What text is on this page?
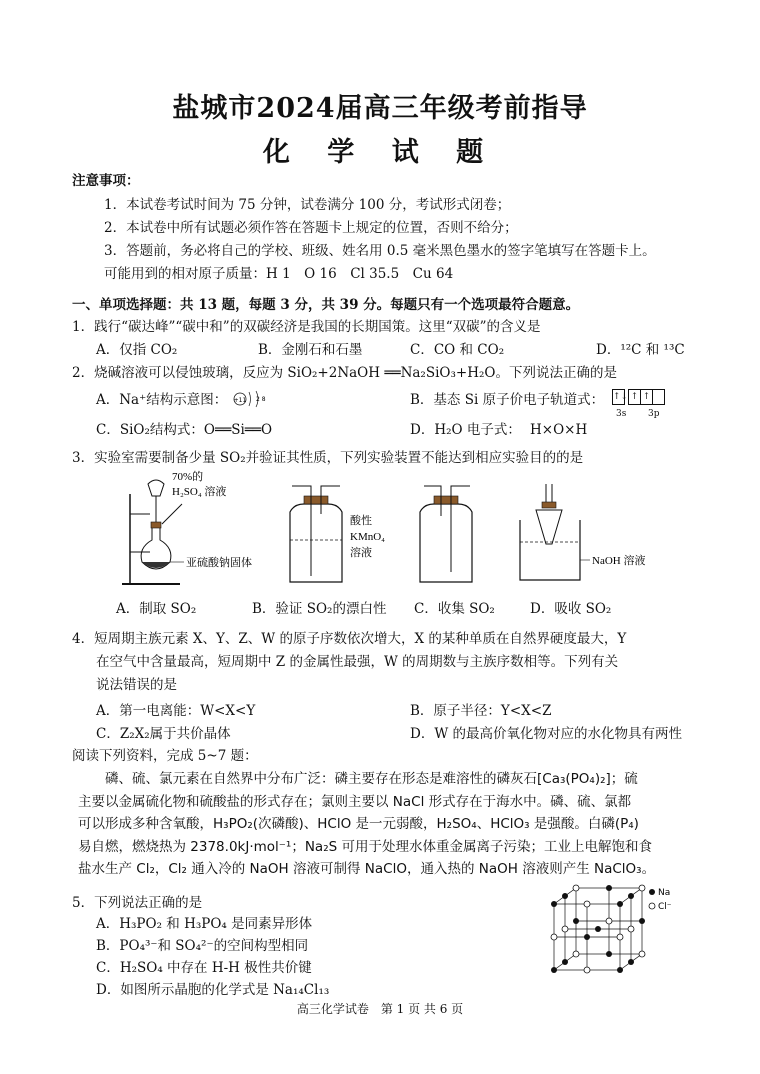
盐城市2024届高三年级考前指导
化 学 试 题
注意事项：
1．本试卷考试时间为 75 分钟，试卷满分 100 分，考试形式闭卷；
2．本试卷中所有试题必须作答在答题卡上规定的位置，否则不给分；
3．答题前，务必将自己的学校、班级、姓名用 0.5 毫米黑色墨水的签字笔填写在答题卡上。
可能用到的相对原子质量：H 1　O 16　Cl 35.5　Cu 64
一、单项选择题：共 13 题，每题 3 分，共 39 分。每题只有一个选项最符合题意。
1．践行“碳达峰”“碳中和”的双碳经济是我国的长期国策。这里“双碳”的含义是
A．仅指 CO₂	B．金刚石和石墨	C．CO 和 CO₂	D．¹²C 和 ¹³C
2．烧碱溶液可以侵蚀玻璃，反应为 SiO₂+2NaOH ══Na₂SiO₃+H₂O。下列说法正确的是
A．Na⁺结构示意图： +11 2 8	B．基态 Si 原子价电子轨道式： ↑↓ ↑ ↑
3s 3p
C．SiO₂结构式：O══Si══O	D．H₂O 电子式： H×O×H
3．实验室需要制备少量 SO₂并验证其性质，下列实验装置不能达到相应实验目的的是
70%的
H₂SO₄ 溶液
亚硫酸钠固体
酸性
KMnO₄
溶液
NaOH 溶液
A．制取 SO₂	B．验证 SO₂的漂白性 C．收集 SO₂	D．吸收 SO₂
4．短周期主族元素 X、Y、Z、W 的原子序数依次增大，X 的某种单质在自然界硬度最大，Y
在空气中含量最高，短周期中 Z 的金属性最强，W 的周期数与主族序数相等。下列有关
说法错误的是
A．第一电离能：W<X<Y	B．原子半径：Y<X<Z
C．Z₂X₂属于共价晶体	D．W 的最高价氧化物对应的水化物具有两性
阅读下列资料，完成 5~7 题：
磷、硫、氯元素在自然界中分布广泛：磷主要存在形态是难溶性的磷灰石[Ca₃(PO₄)₂]；硫
主要以金属硫化物和硫酸盐的形式存在；氯则主要以 NaCl 形式存在于海水中。磷、硫、氯都
可以形成多种含氧酸，H₃PO₂(次磷酸)、HClO 是一元弱酸，H₂SO₄、HClO₃ 是强酸。白磷(P₄)
易自燃，燃烧热为 2378.0kJ·mol⁻¹；Na₂S 可用于处理水体重金属离子污染；工业上电解饱和食
盐水生产 Cl₂，Cl₂ 通入冷的 NaOH 溶液可制得 NaClO，通入热的 NaOH 溶液则产生 NaClO₃。
5．下列说法正确的是
A．H₃PO₂ 和 H₃PO₄ 是同素异形体
B．PO₄³⁻和 SO₄²⁻的空间构型相同
C．H₂SO₄ 中存在 H-H 极性共价键
D．如图所示晶胞的化学式是 Na₁₄Cl₁₃
Na
Cl⁻
高三化学试卷　第 1 页 共 6 页
